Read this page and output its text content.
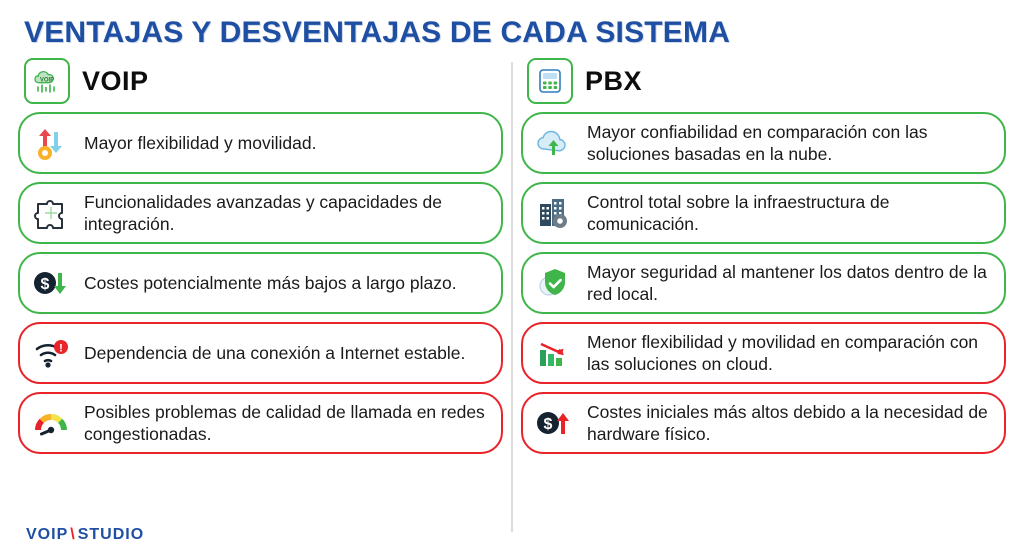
VENTAJAS Y DESVENTAJAS DE CADA SISTEMA
VOIP VOIP
Mayor flexibilidad y movilidad.
Funcionalidades avanzadas y capacidades de integración.
$ Costes potencialmente más bajos a largo plazo.
! Dependencia de una conexión a Internet estable.
Posibles problemas de calidad de llamada en redes congestionadas.
PBX
Mayor confiabilidad en comparación con las soluciones basadas en la nube.
Control total sobre la infraestructura de comunicación.
Mayor seguridad al mantener los datos dentro de la red local.
Menor flexibilidad y movilidad en comparación con las soluciones on cloud.
$
Costes iniciales más altos debido a la necesidad de hardware físico.
VOIP \ STUDIO
